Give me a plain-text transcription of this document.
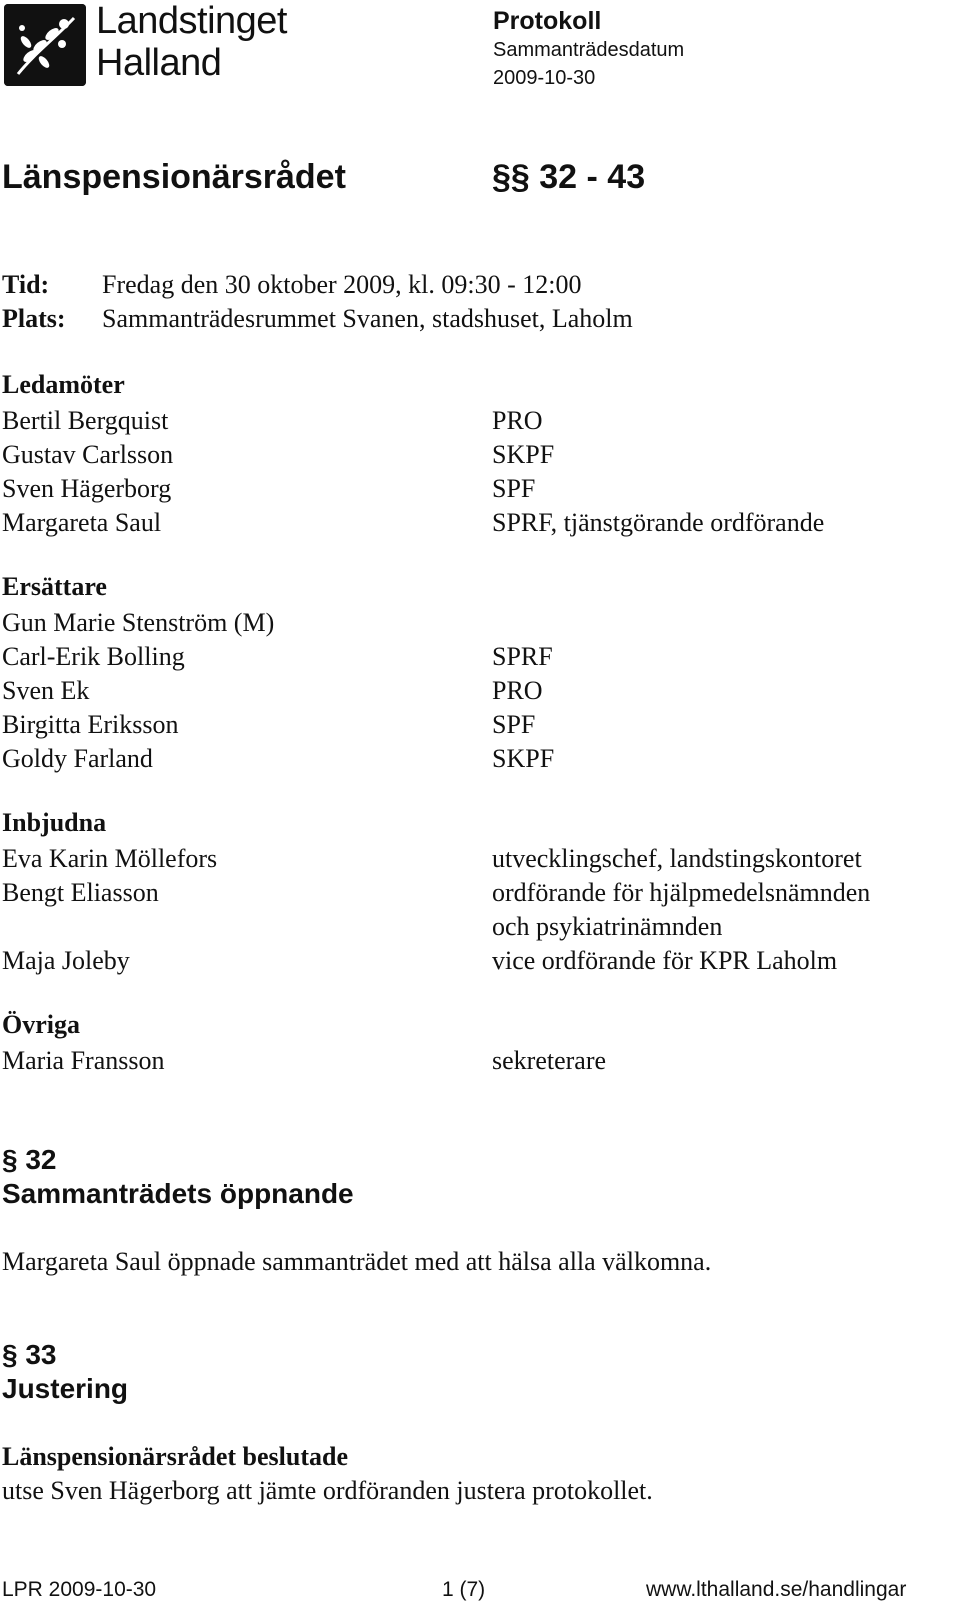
Landstinget
Halland
Protokoll
Sammanträdesdatum
2009-10-30
Länspensionärsrådet	§§ 32 - 43
Tid: Fredag den 30 oktober 2009, kl. 09:30 - 12:00
Plats: Sammanträdesrummet Svanen, stadshuset, Laholm
Ledamöter
Bertil Bergquist	PRO
Gustav Carlsson	SKPF
Sven Hägerborg	SPF
Margareta Saul	SPRF, tjänstgörande ordförande
Ersättare
Gun Marie Stenström (M)
Carl-Erik Bolling	SPRF
Sven Ek	PRO
Birgitta Eriksson	SPF
Goldy Farland	SKPF
Inbjudna
Eva Karin Möllefors	utvecklingschef, landstingskontoret
Bengt Eliasson	ordförande för hjälpmedelsnämnden
och psykiatrinämnden
Maja Joleby	vice ordförande för KPR Laholm
Övriga
Maria Fransson	sekreterare
§ 32
Sammanträdets öppnande
Margareta Saul öppnade sammanträdet med att hälsa alla välkomna.
§ 33
Justering
Länspensionärsrådet beslutade
utse Sven Hägerborg att jämte ordföranden justera protokollet.
LPR 2009-10-30	1 (7)	www.lthalland.se/handlingar
